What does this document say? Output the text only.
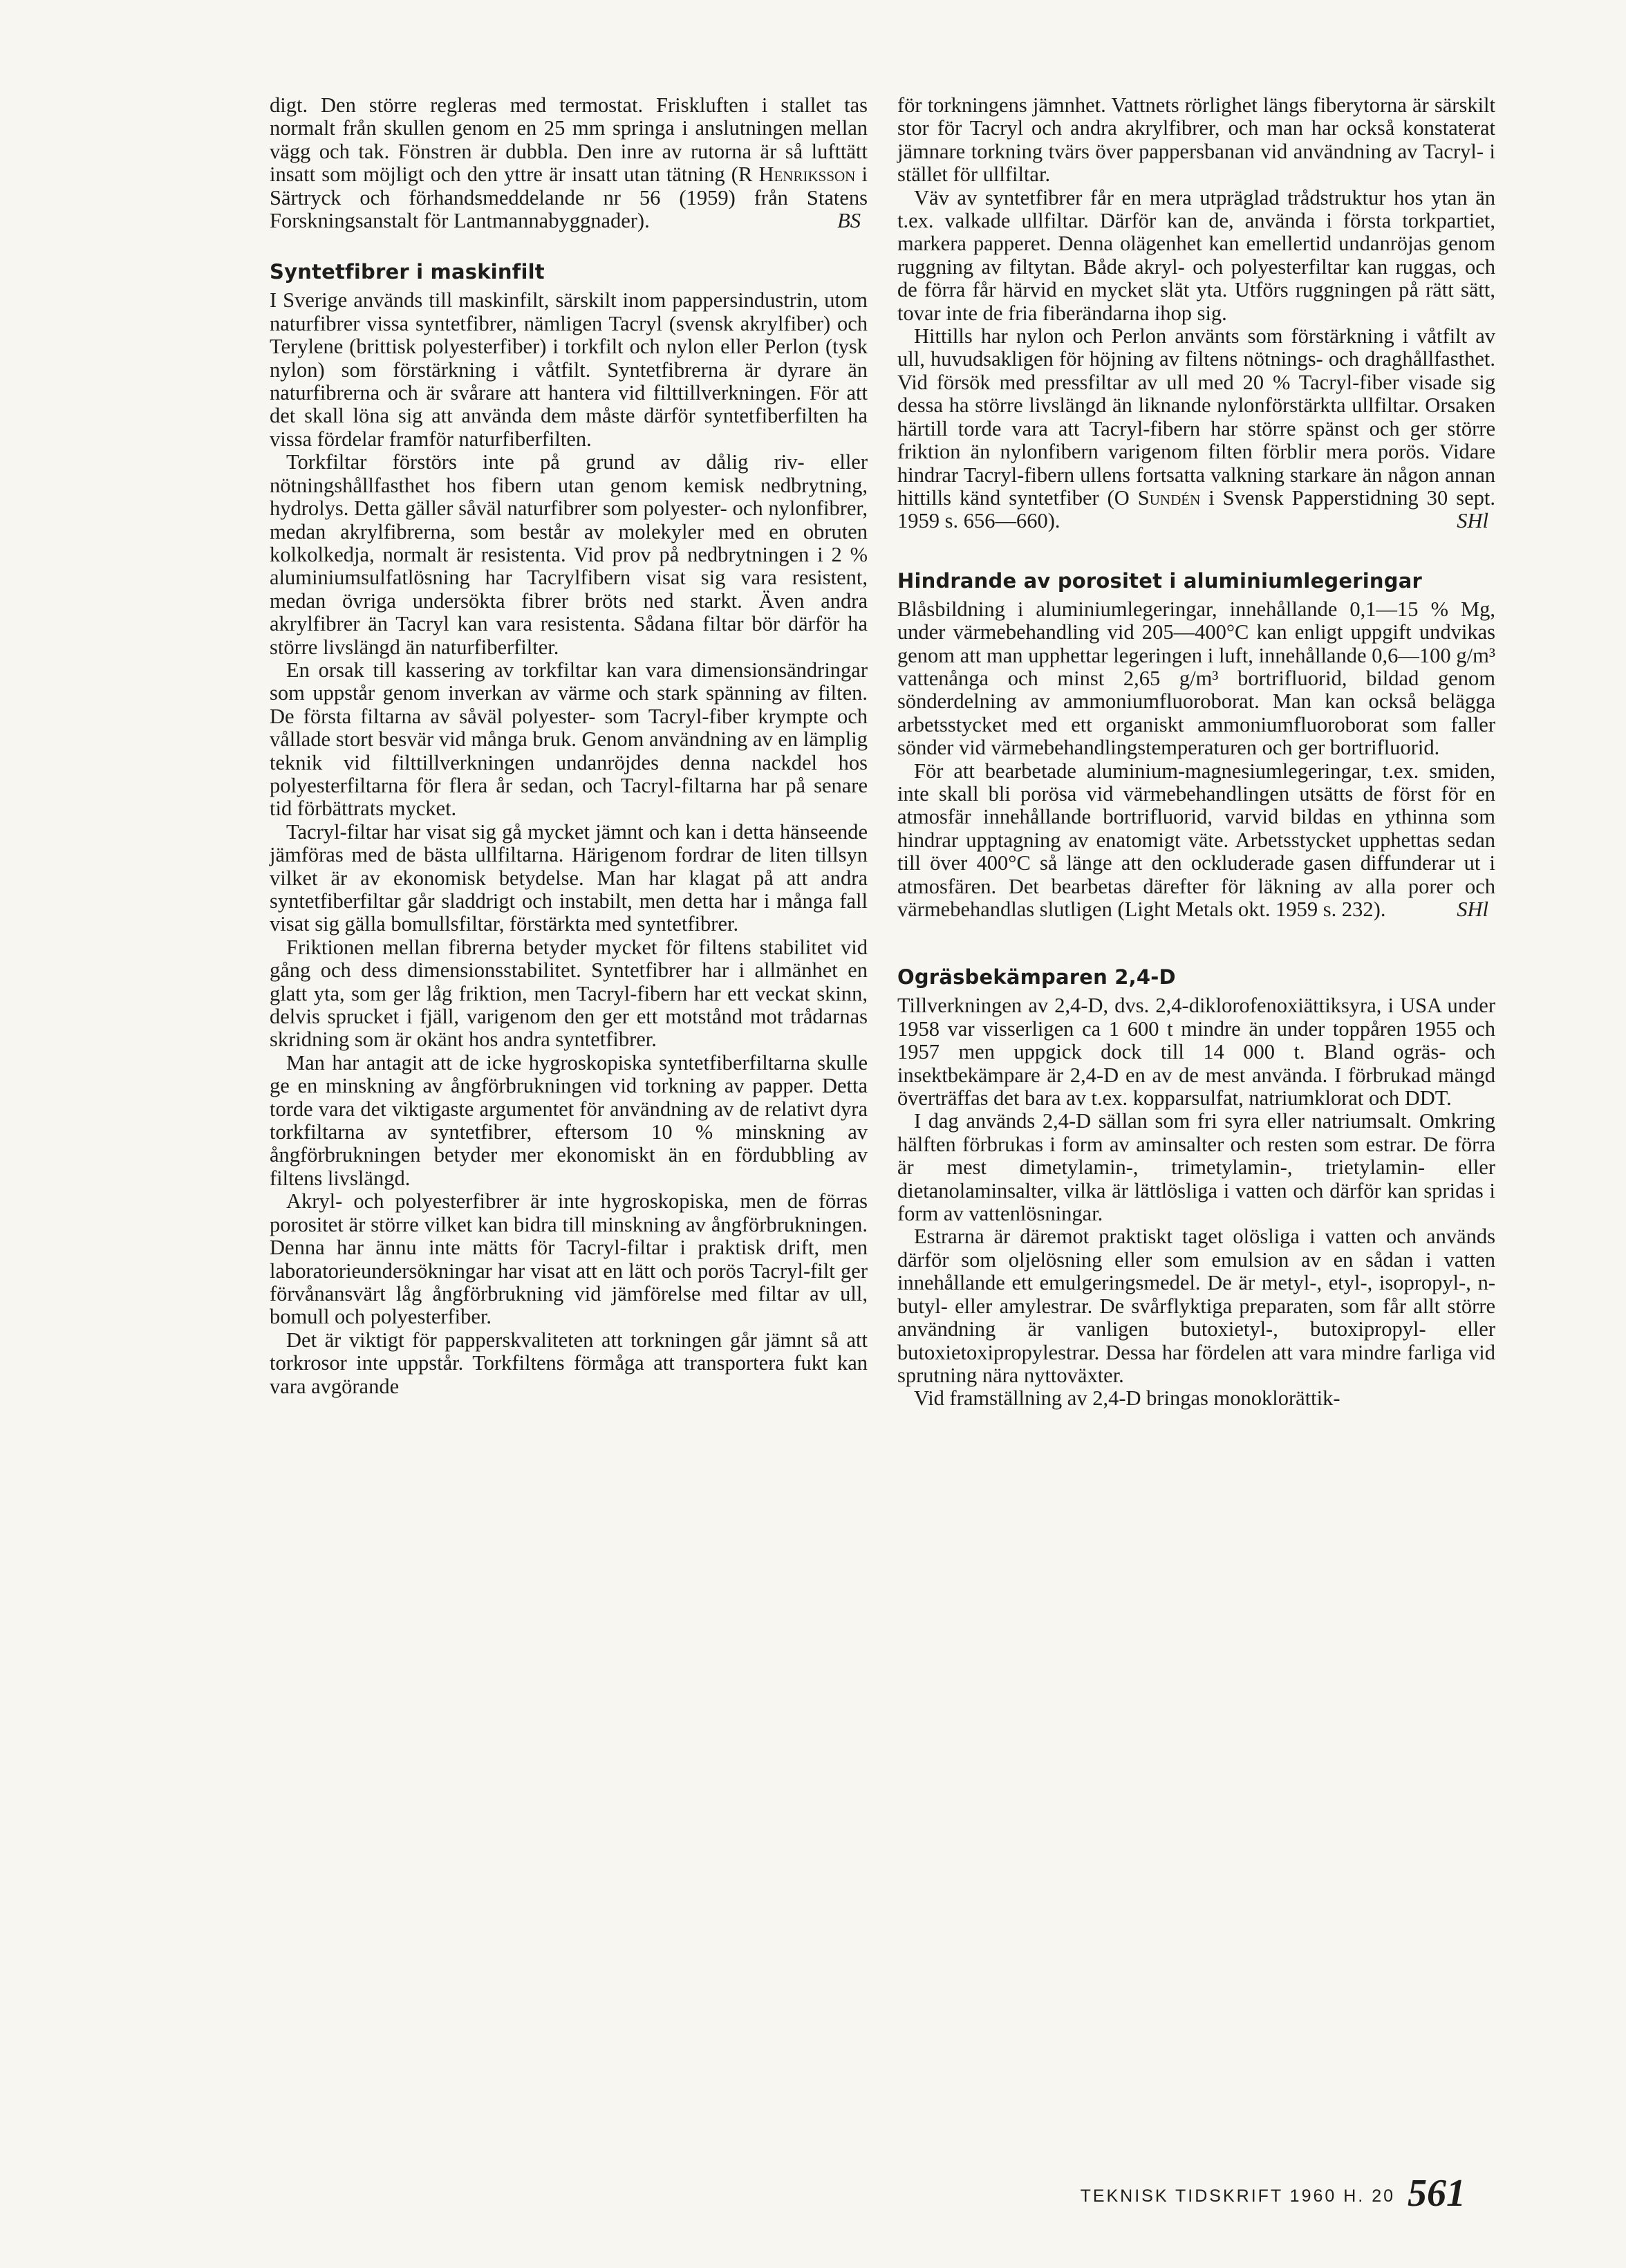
digt. Den större regleras med termostat. Friskluften i stallet tas normalt från skullen genom en 25 mm springa i anslutningen mellan vägg och tak. Fönstren är dubbla. Den inre av rutorna är så lufttätt insatt som möjligt och den yttre är insatt utan tätning (R Henriksson i Särtryck och förhandsmeddelande nr 56 (1959) från Statens Forskningsanstalt för Lantmannabyggnader).	BS

Syntetfibrer i maskinfilt

I Sverige används till maskinfilt, särskilt inom pappersindustrin, utom naturfibrer vissa syntetfibrer, nämligen Tacryl (svensk akrylfiber) och Terylene (brittisk polyesterfiber) i torkfilt och nylon eller Perlon (tysk nylon) som förstärkning i våtfilt. Syntetfibrerna är dyrare än naturfibrerna och är svårare att hantera vid filttillverkningen. För att det skall löna sig att använda dem måste därför syntetfiberfilten ha vissa fördelar framför naturfiberfilten.

Torkfiltar förstörs inte på grund av dålig riv- eller nötningshållfasthet hos fibern utan genom kemisk nedbrytning, hydrolys. Detta gäller såväl naturfibrer som polyester- och nylonfibrer, medan akrylfibrerna, som består av molekyler med en obruten kolkolkedja, normalt är resistenta. Vid prov på nedbrytningen i 2 % aluminiumsulfatlösning har Tacrylfibern visat sig vara resistent, medan övriga undersökta fibrer bröts ned starkt. Även andra akrylfibrer än Tacryl kan vara resistenta. Sådana filtar bör därför ha större livslängd än naturfiberfilter.

En orsak till kassering av torkfiltar kan vara dimensionsändringar som uppstår genom inverkan av värme och stark spänning av filten. De första filtarna av såväl polyester- som Tacryl-fiber krympte och vållade stort besvär vid många bruk. Genom användning av en lämplig teknik vid filttillverkningen undanröjdes denna nackdel hos polyesterfiltarna för flera år sedan, och Tacryl-filtarna har på senare tid förbättrats mycket.

Tacryl-filtar har visat sig gå mycket jämnt och kan i detta hänseende jämföras med de bästa ullfiltarna. Härigenom fordrar de liten tillsyn vilket är av ekonomisk betydelse. Man har klagat på att andra syntetfiberfiltar går sladdrigt och instabilt, men detta har i många fall visat sig gälla bomullsfiltar, förstärkta med syntetfibrer.

Friktionen mellan fibrerna betyder mycket för filtens stabilitet vid gång och dess dimensionsstabilitet. Syntetfibrer har i allmänhet en glatt yta, som ger låg friktion, men Tacryl-fibern har ett veckat skinn, delvis sprucket i fjäll, varigenom den ger ett motstånd mot trådarnas skridning som är okänt hos andra syntetfibrer.

Man har antagit att de icke hygroskopiska syntetfiberfiltarna skulle ge en minskning av ångförbrukningen vid torkning av papper. Detta torde vara det viktigaste argumentet för användning av de relativt dyra torkfiltarna av syntetfibrer, eftersom 10 % minskning av ångförbrukningen betyder mer ekonomiskt än en fördubbling av filtens livslängd.

Akryl- och polyesterfibrer är inte hygroskopiska, men de förras porositet är större vilket kan bidra till minskning av ångförbrukningen. Denna har ännu inte mätts för Tacryl-filtar i praktisk drift, men laboratorieundersökningar har visat att en lätt och porös Tacryl-filt ger förvånansvärt låg ångförbrukning vid jämförelse med filtar av ull, bomull och polyesterfiber.

Det är viktigt för papperskvaliteten att torkningen går jämnt så att torkrosor inte uppstår. Torkfiltens förmåga att transportera fukt kan vara avgörande

för torkningens jämnhet. Vattnets rörlighet längs fiberytorna är särskilt stor för Tacryl och andra akrylfibrer, och man har också konstaterat jämnare torkning tvärs över pappersbanan vid användning av Tacryl- i stället för ullfiltar.

Väv av syntetfibrer får en mera utpräglad trådstruktur hos ytan än t.ex. valkade ullfiltar. Därför kan de, använda i första torkpartiet, markera papperet. Denna olägenhet kan emellertid undanröjas genom ruggning av filtytan. Både akryl- och polyesterfiltar kan ruggas, och de förra får härvid en mycket slät yta. Utförs ruggningen på rätt sätt, tovar inte de fria fiberändarna ihop sig.

Hittills har nylon och Perlon använts som förstärkning i våtfilt av ull, huvudsakligen för höjning av filtens nötnings- och draghållfasthet. Vid försök med pressfiltar av ull med 20 % Tacryl-fiber visade sig dessa ha större livslängd än liknande nylonförstärkta ullfiltar. Orsaken härtill torde vara att Tacryl-fibern har större spänst och ger större friktion än nylonfibern varigenom filten förblir mera porös. Vidare hindrar Tacryl-fibern ullens fortsatta valkning starkare än någon annan hittills känd syntetfiber (O Sundén i Svensk Papperstidning 30 sept. 1959 s. 656—660).	SHl

Hindrande av porositet i aluminiumlegeringar

Blåsbildning i aluminiumlegeringar, innehållande 0,1—15 % Mg, under värmebehandling vid 205—400°C kan enligt uppgift undvikas genom att man upphettar legeringen i luft, innehållande 0,6—100 g/m³ vattenånga och minst 2,65 g/m³ bortrifluorid, bildad genom sönderdelning av ammoniumfluoroborat. Man kan också belägga arbetsstycket med ett organiskt ammoniumfluoroborat som faller sönder vid värmebehandlingstemperaturen och ger bortrifluorid.

För att bearbetade aluminium-magnesiumlegeringar, t.ex. smiden, inte skall bli porösa vid värmebehandlingen utsätts de först för en atmosfär innehållande bortrifluorid, varvid bildas en ythinna som hindrar upptagning av enatomigt väte. Arbetsstycket upphettas sedan till över 400°C så länge att den ockluderade gasen diffunderar ut i atmosfären. Det bearbetas därefter för läkning av alla porer och värmebehandlas slutligen (Light Metals okt. 1959 s. 232).	SHl

Ogräsbekämparen 2,4-D

Tillverkningen av 2,4-D, dvs. 2,4-diklorofenoxiättiksyra, i USA under 1958 var visserligen ca 1 600 t mindre än under toppåren 1955 och 1957 men uppgick dock till 14 000 t. Bland ogräs- och insektbekämpare är 2,4-D en av de mest använda. I förbrukad mängd överträffas det bara av t.ex. kopparsulfat, natriumklorat och DDT.

I dag används 2,4-D sällan som fri syra eller natriumsalt. Omkring hälften förbrukas i form av aminsalter och resten som estrar. De förra är mest dimetylamin-, trimetylamin-, trietylamin- eller dietanolaminsalter, vilka är lättlösliga i vatten och därför kan spridas i form av vattenlösningar.

Estrarna är däremot praktiskt taget olösliga i vatten och används därför som oljelösning eller som emulsion av en sådan i vatten innehållande ett emulgeringsmedel. De är metyl-, etyl-, isopropyl-, n-butyl- eller amylestrar. De svårflyktiga preparaten, som får allt större användning är vanligen butoxietyl-, butoxipropyl- eller butoxietoxipropylestrar. Dessa har fördelen att vara mindre farliga vid sprutning nära nyttoväxter.

Vid framställning av 2,4-D bringas monoklorättik-

TEKNISK TIDSKRIFT 1960 H. 20 561
